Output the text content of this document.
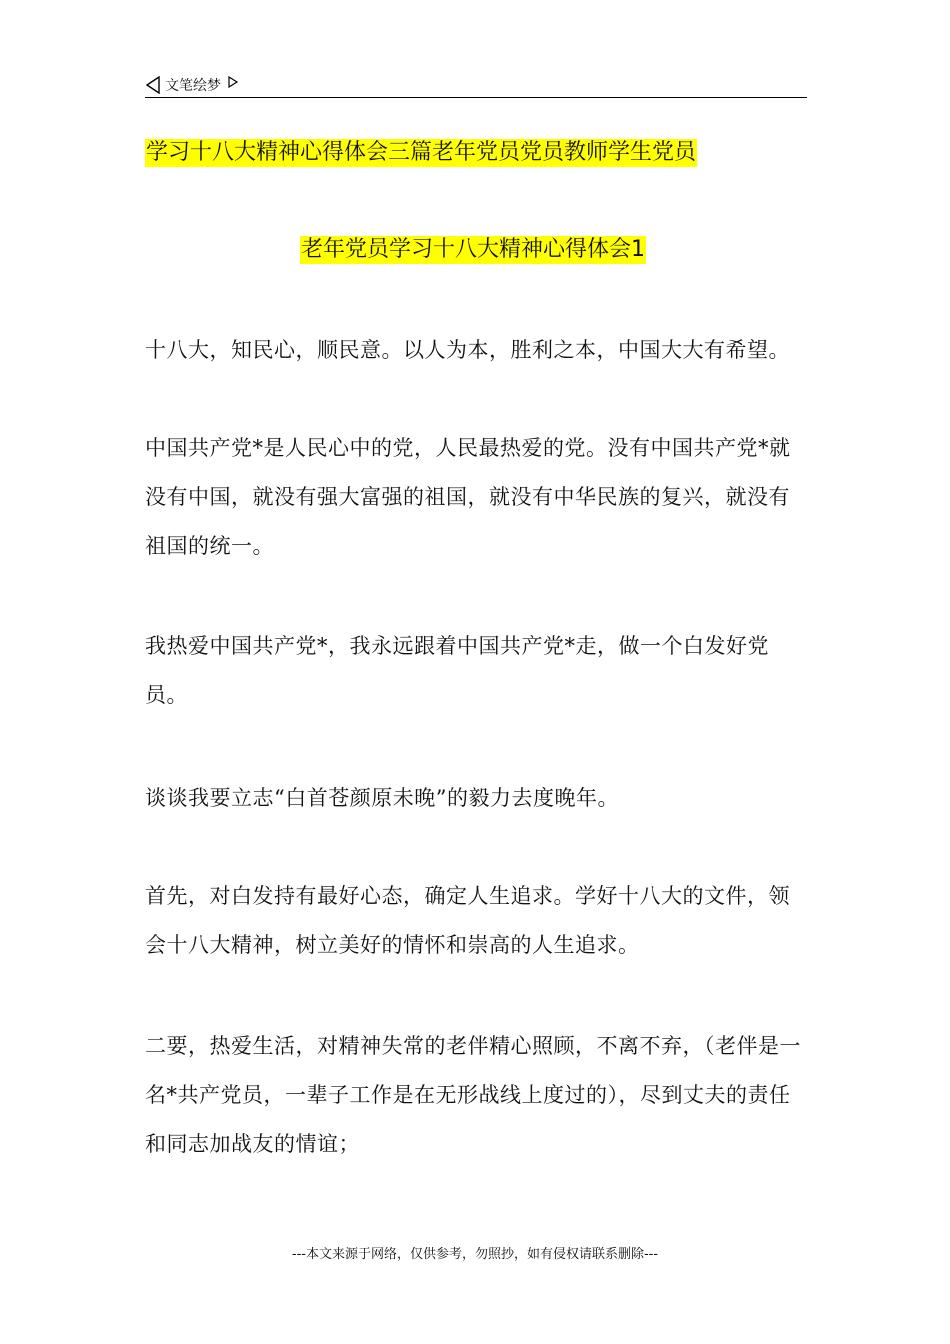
文笔绘梦
学习十八大精神心得体会三篇老年党员党员教师学生党员
老年党员学习十八大精神心得体会1

十八大，知民心，顺民意。以人为本，胜利之本，中国大大有希望。

中国共产党*是人民心中的党，人民最热爱的党。没有中国共产党*就没有中国，就没有强大富强的祖国，就没有中华民族的复兴，就没有祖国的统一。

我热爱中国共产党*，我永远跟着中国共产党*走，做一个白发好党员。

谈谈我要立志“白首苍颜原未晚”的毅力去度晚年。

首先，对白发持有最好心态，确定人生追求。学好十八大的文件，领会十八大精神，树立美好的情怀和崇高的人生追求。

二要，热爱生活，对精神失常的老伴精心照顾，不离不弃，（老伴是一名*共产党员，一辈子工作是在无形战线上度过的），尽到丈夫的责任和同志加战友的情谊；

---本文来源于网络，仅供参考，勿照抄，如有侵权请联系删除---
